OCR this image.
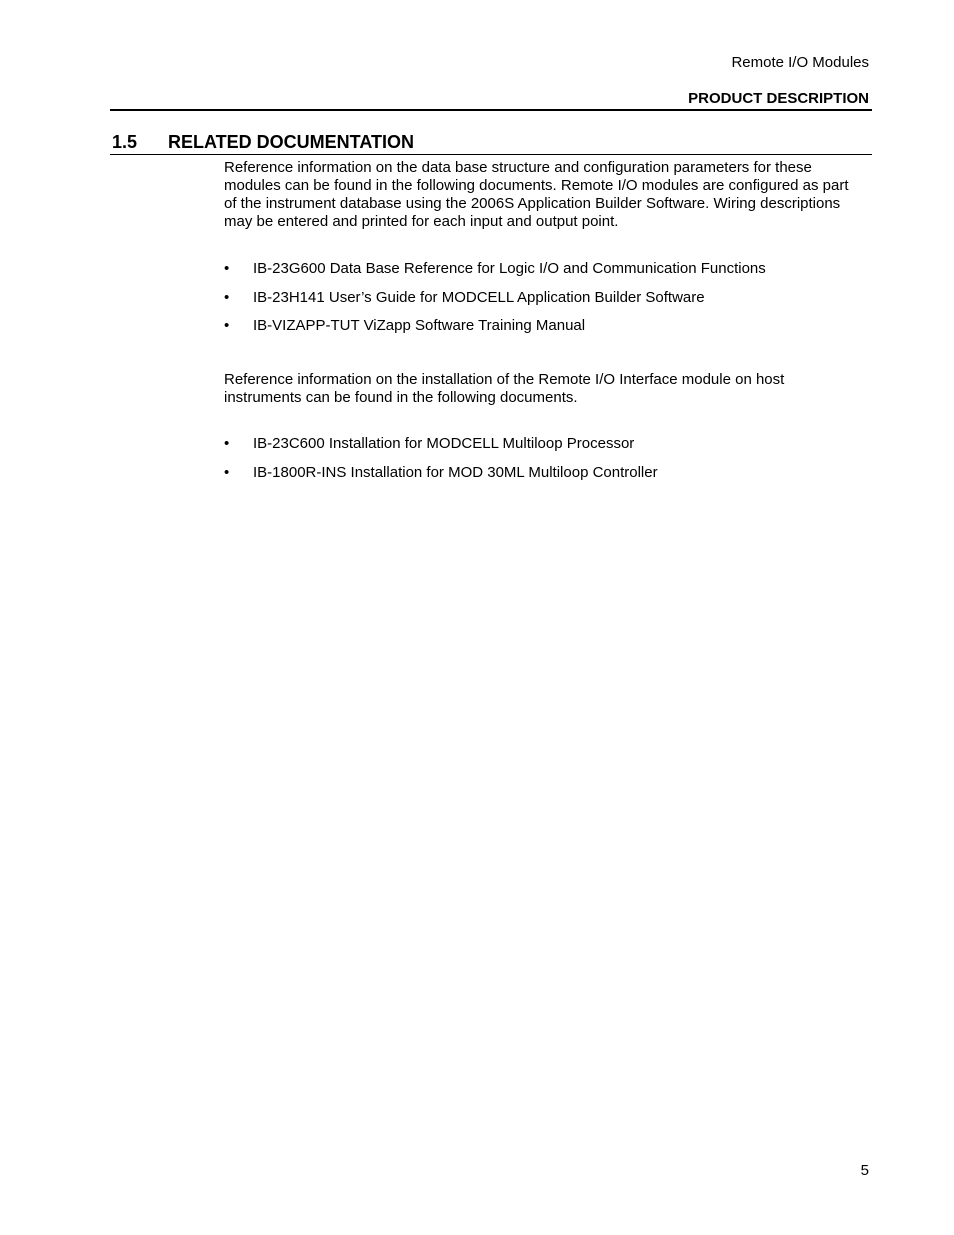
Remote I/O Modules
PRODUCT DESCRIPTION
1.5 RELATED DOCUMENTATION

Reference information on the data base structure and configuration parameters for these modules can be found in the following documents. Remote I/O modules are configured as part of the instrument database using the 2006S Application Builder Software. Wiring descriptions may be entered and printed for each input and output point.

• IB-23G600 Data Base Reference for Logic I/O and Communication Functions
• IB-23H141 User’s Guide for MODCELL Application Builder Software
• IB-VIZAPP-TUT ViZapp Software Training Manual

Reference information on the installation of the Remote I/O Interface module on host instruments can be found in the following documents.

• IB-23C600 Installation for MODCELL Multiloop Processor
• IB-1800R-INS Installation for MOD 30ML Multiloop Controller
5
